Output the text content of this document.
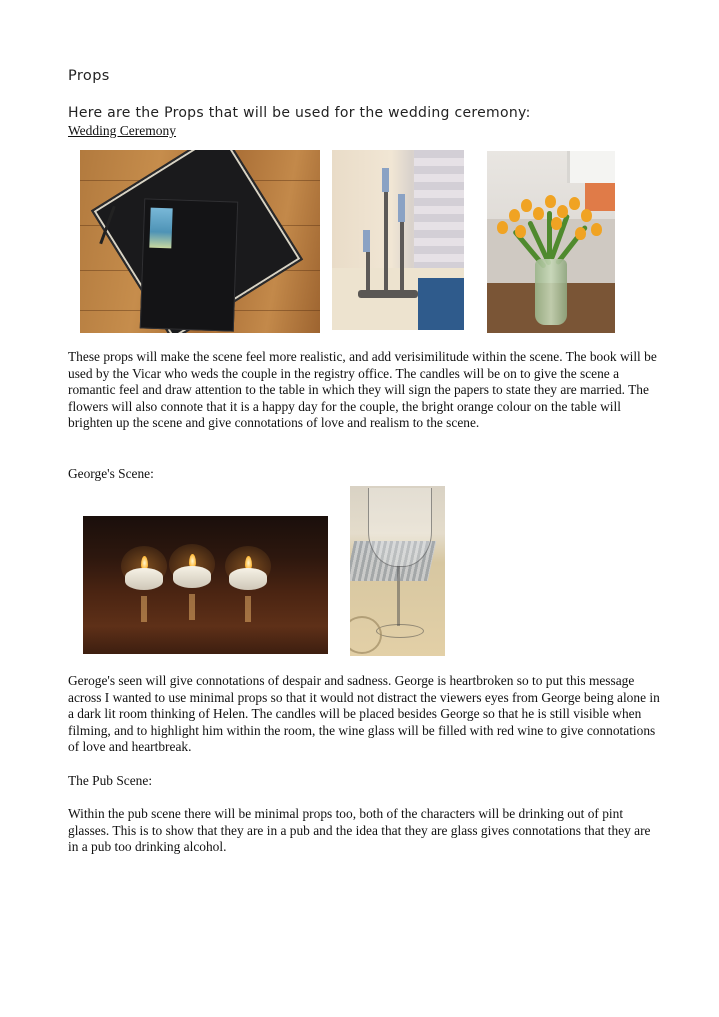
Props
Here are the Props that will be used for the wedding ceremony:
Wedding Ceremony
These props will make the scene feel more realistic, and add verisimilitude within the scene. The book will be used by the Vicar who weds the couple in the registry office. The candles will be on to give the scene a romantic feel and draw attention to the table in which they will sign the papers to state they are married. The flowers will also connote that it is a happy day for the couple, the bright orange colour on the table will brighten up the scene and give connotations of love and realism to the scene.
George's Scene:
Geroge's seen will give connotations of despair and sadness. George is heartbroken so to put this message across I wanted to use minimal props so that it would not distract the viewers eyes from George being alone in a dark lit room thinking of Helen. The candles will be placed besides George so that he is still visible when filming, and to highlight him within the room, the wine glass will be filled with red wine to give connotations of love and heartbreak.
The Pub Scene:
Within the pub scene there will be minimal props too, both of the characters will be drinking out of pint glasses. This is to show that they are in a pub and the idea that they are glass gives connotations that they are in a pub too drinking alcohol.
